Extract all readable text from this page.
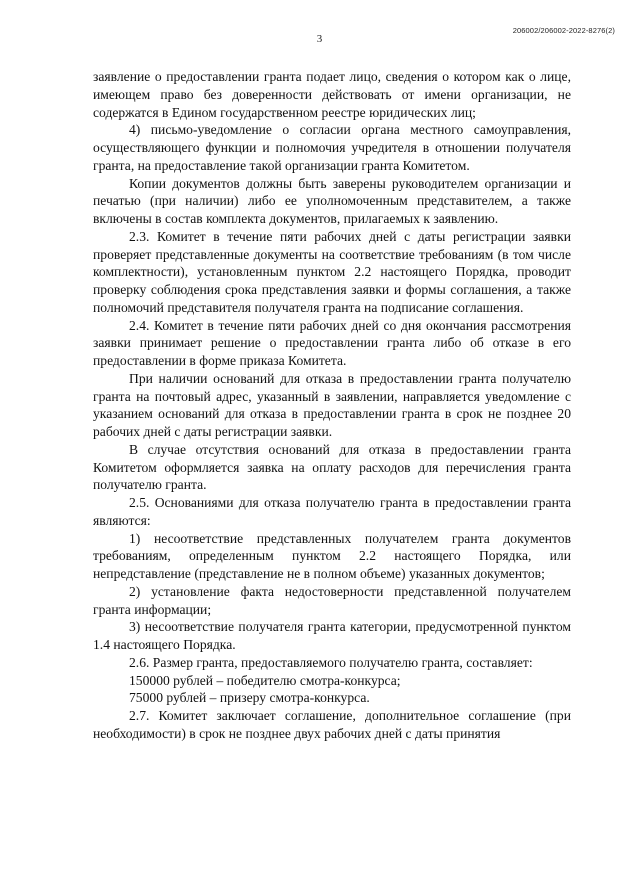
206002/206002-2022-8276(2)
3

заявление о предоставлении гранта подает лицо, сведения о котором как о лице, имеющем право без доверенности действовать от имени организации, не содержатся в Едином государственном реестре юридических лиц;

4) письмо-уведомление о согласии органа местного самоуправления, осуществляющего функции и полномочия учредителя в отношении получателя гранта, на предоставление такой организации гранта Комитетом.

Копии документов должны быть заверены руководителем организации и печатью (при наличии) либо ее уполномоченным представителем, а также включены в состав комплекта документов, прилагаемых к заявлению.

2.3. Комитет в течение пяти рабочих дней с даты регистрации заявки проверяет представленные документы на соответствие требованиям (в том числе комплектности), установленным пунктом 2.2 настоящего Порядка, проводит проверку соблюдения срока представления заявки и формы соглашения, а также полномочий представителя получателя гранта на подписание соглашения.

2.4. Комитет в течение пяти рабочих дней со дня окончания рассмотрения заявки принимает решение о предоставлении гранта либо об отказе в его предоставлении в форме приказа Комитета.

При наличии оснований для отказа в предоставлении гранта получателю гранта на почтовый адрес, указанный в заявлении, направляется уведомление с указанием оснований для отказа в предоставлении гранта в срок не позднее 20 рабочих дней с даты регистрации заявки.

В случае отсутствия оснований для отказа в предоставлении гранта Комитетом оформляется заявка на оплату расходов для перечисления гранта получателю гранта.

2.5. Основаниями для отказа получателю гранта в предоставлении гранта являются:

1) несоответствие представленных получателем гранта документов требованиям, определенным пунктом 2.2 настоящего Порядка, или непредставление (представление не в полном объеме) указанных документов;

2) установление факта недостоверности представленной получателем гранта информации;

3) несоответствие получателя гранта категории, предусмотренной пунктом 1.4 настоящего Порядка.

2.6. Размер гранта, предоставляемого получателю гранта, составляет:

150000 рублей – победителю смотра-конкурса;

75000 рублей – призеру смотра-конкурса.

2.7. Комитет заключает соглашение, дополнительное соглашение (при необходимости) в срок не позднее двух рабочих дней с даты принятия
